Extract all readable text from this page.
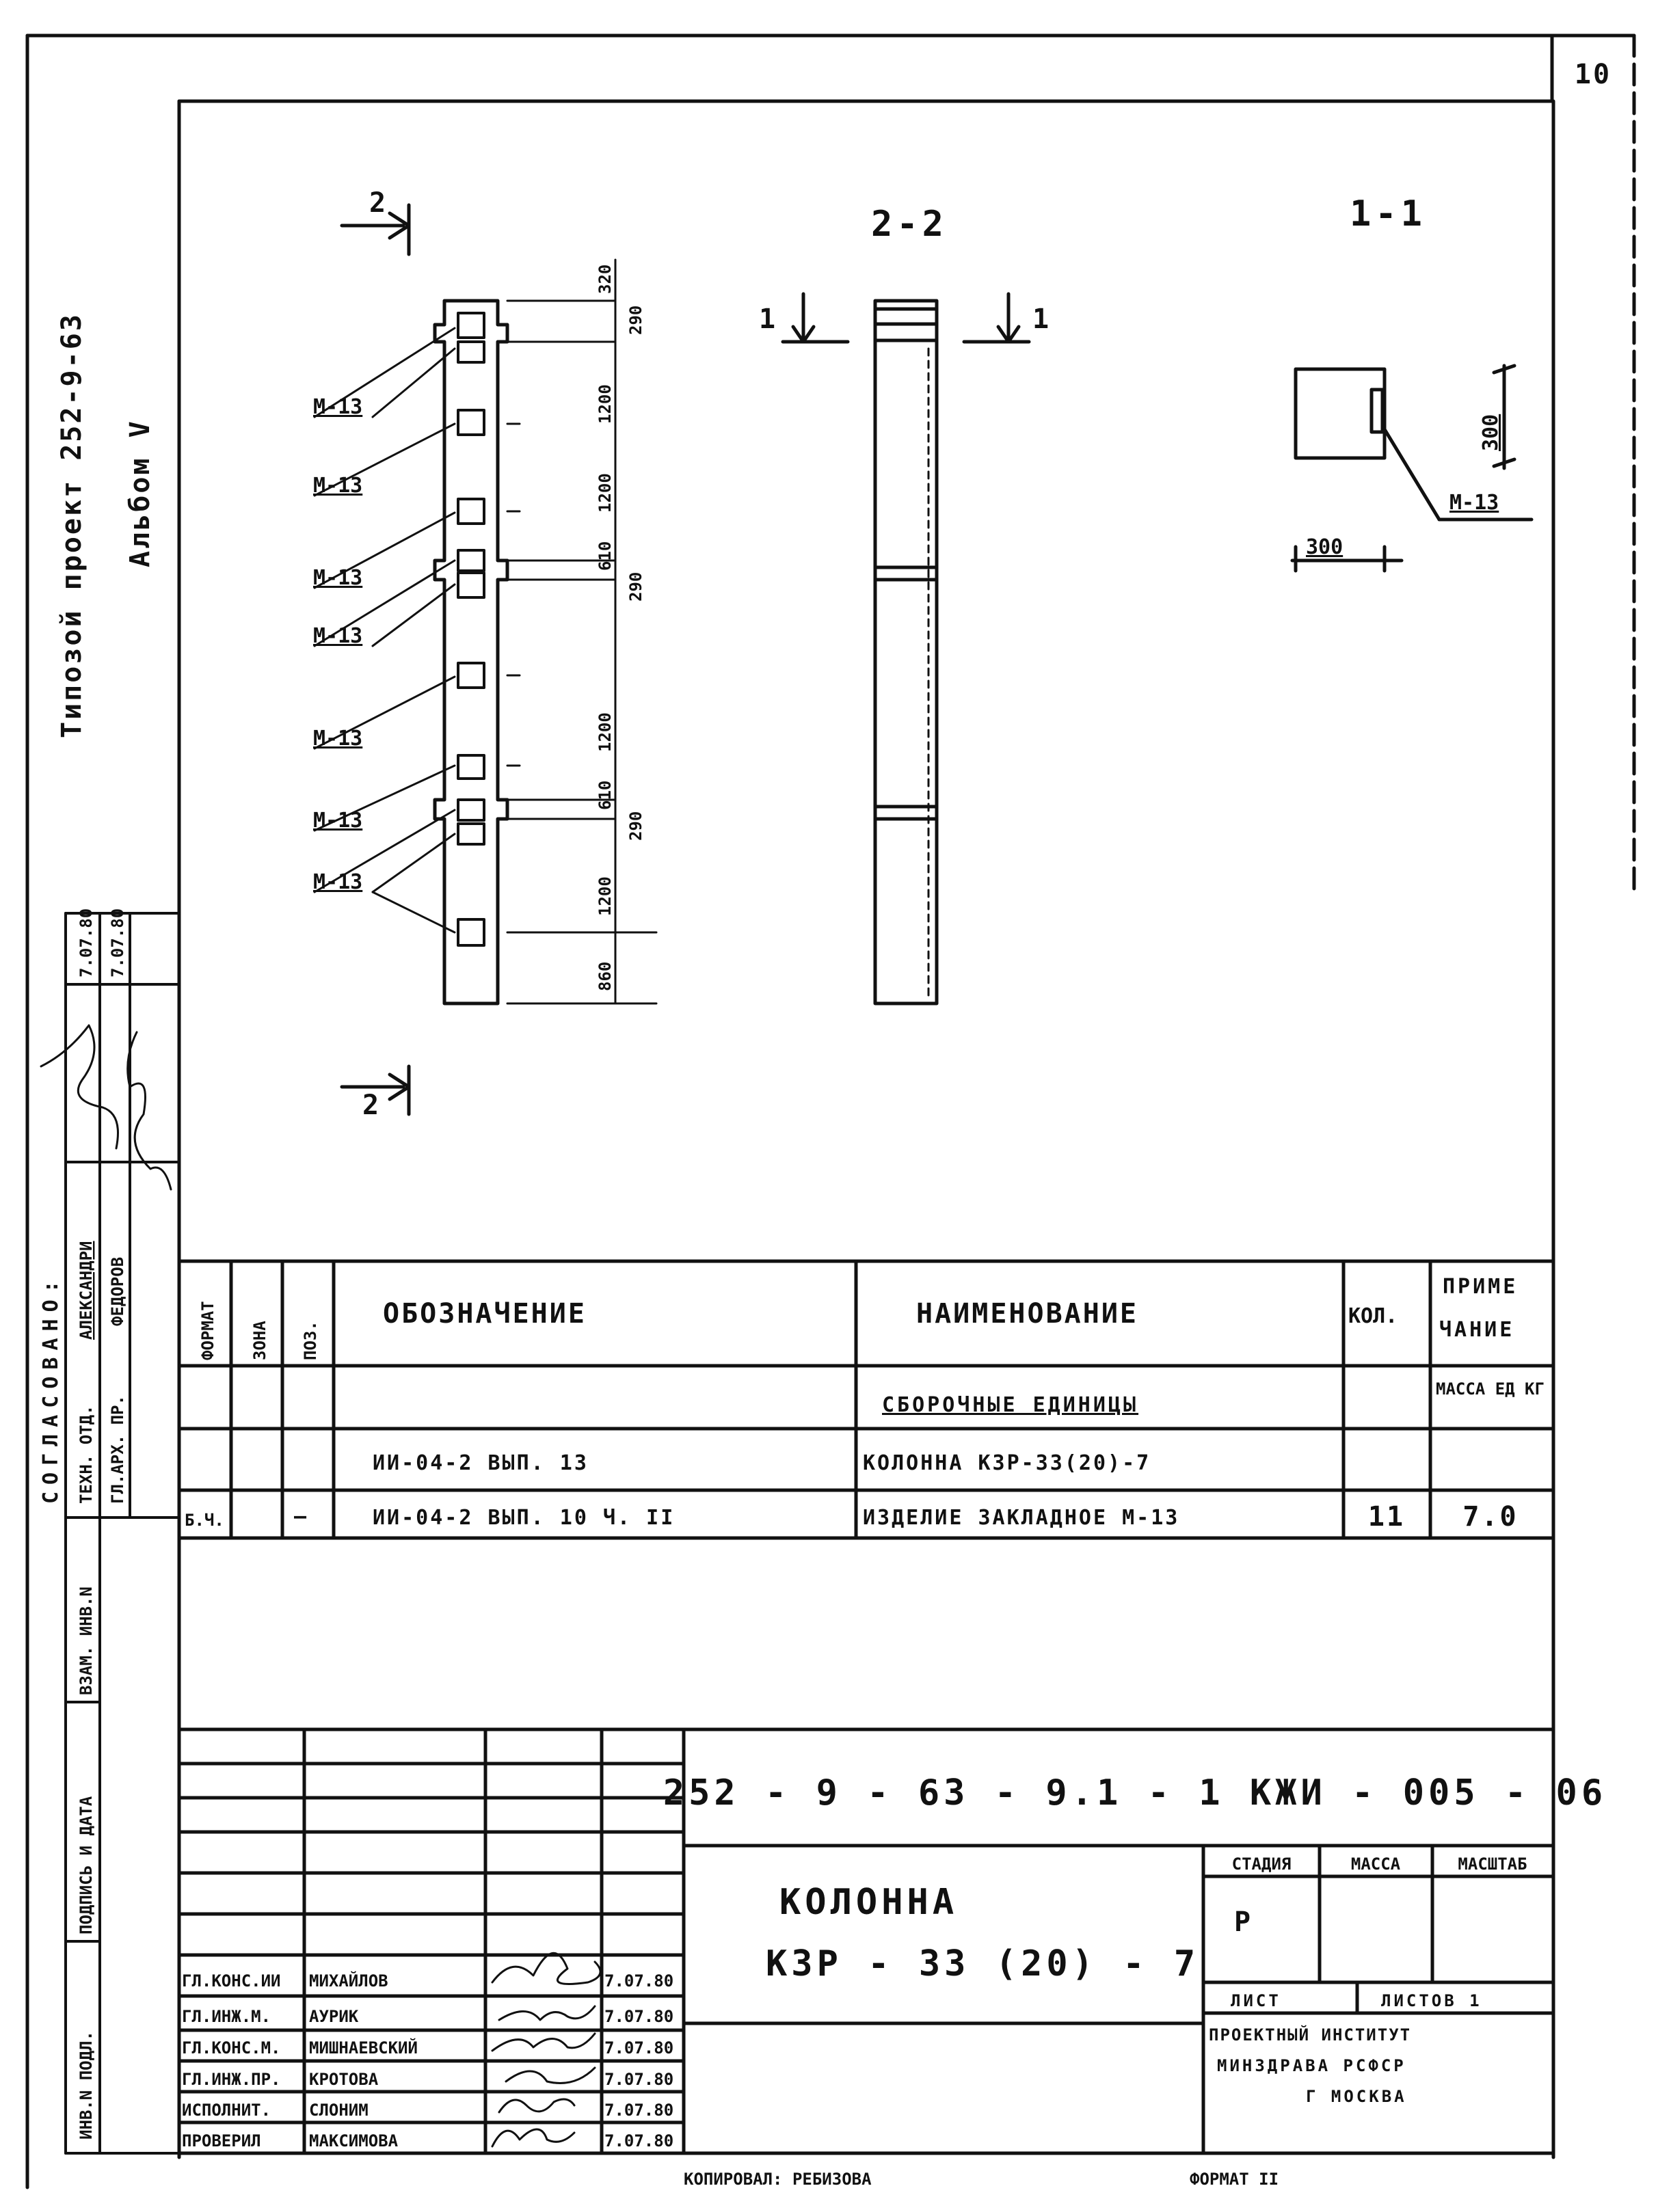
10
Типозой проект 252-9-63 Альбом V
СОГЛАСОВАНО: ТЕХН. ОТД.
АЛЕКСАНДРИ
7.07.80
ГЛ.АРХ. ПР.
ФЕДОРОВ
7.07.80
ИНВ.N ПОДЛ.
ПОДПИСЬ И ДАТА
ВЗАМ. ИНВ.N
2
2
320
290
1200
1200
610
290
1200
610
290
1200
860
М-13
М-13
М-13
М-13
М-13
М-13
М-13
2-2
1	1
1-1
300
300
М-13
ФОРМАТ ЗОНА ПОЗ.
ОБОЗНАЧЕНИЕ	НАИМЕНОВАНИЕ	КОЛ.
ПРИМЕ
ЧАНИЕ
СБОРОЧНЫЕ ЕДИНИЦЫ
МАССА ЕД КГ
ИИ-04-2 ВЫП. 13	КОЛОННА К3Р-33(20)-7
Б.Ч.	—	ИИ-04-2 ВЫП. 10 Ч. II	ИЗДЕЛИЕ ЗАКЛАДНОЕ М-13	11 7.0
252 - 9 - 63 - 9.1 - 1 КЖИ - 005 - 06
КОЛОННА
К3Р - 33 (20) - 7
СТАДИЯ	МАССА	МАСШТАБ
Р
ЛИСТ	ЛИСТОВ 1
ПРОЕКТНЫЙ ИНСТИТУТ
МИНЗДРАВА РСФСР
Г МОСКВА
ГЛ.КОНС.ИИ МИХАЙЛОВ	7.07.80
ГЛ.ИНЖ.М. АУРИК	7.07.80
ГЛ.КОНС.М. МИШНАЕВСКИЙ	7.07.80
ГЛ.ИНЖ.ПР. КРОТОВА	7.07.80
ИСПОЛНИТ. СЛОНИМ	7.07.80
ПРОВЕРИЛ	МАКСИМОВА	7.07.80
КОПИРОВАЛ: РЕБИЗОВА	ФОРМАТ II
